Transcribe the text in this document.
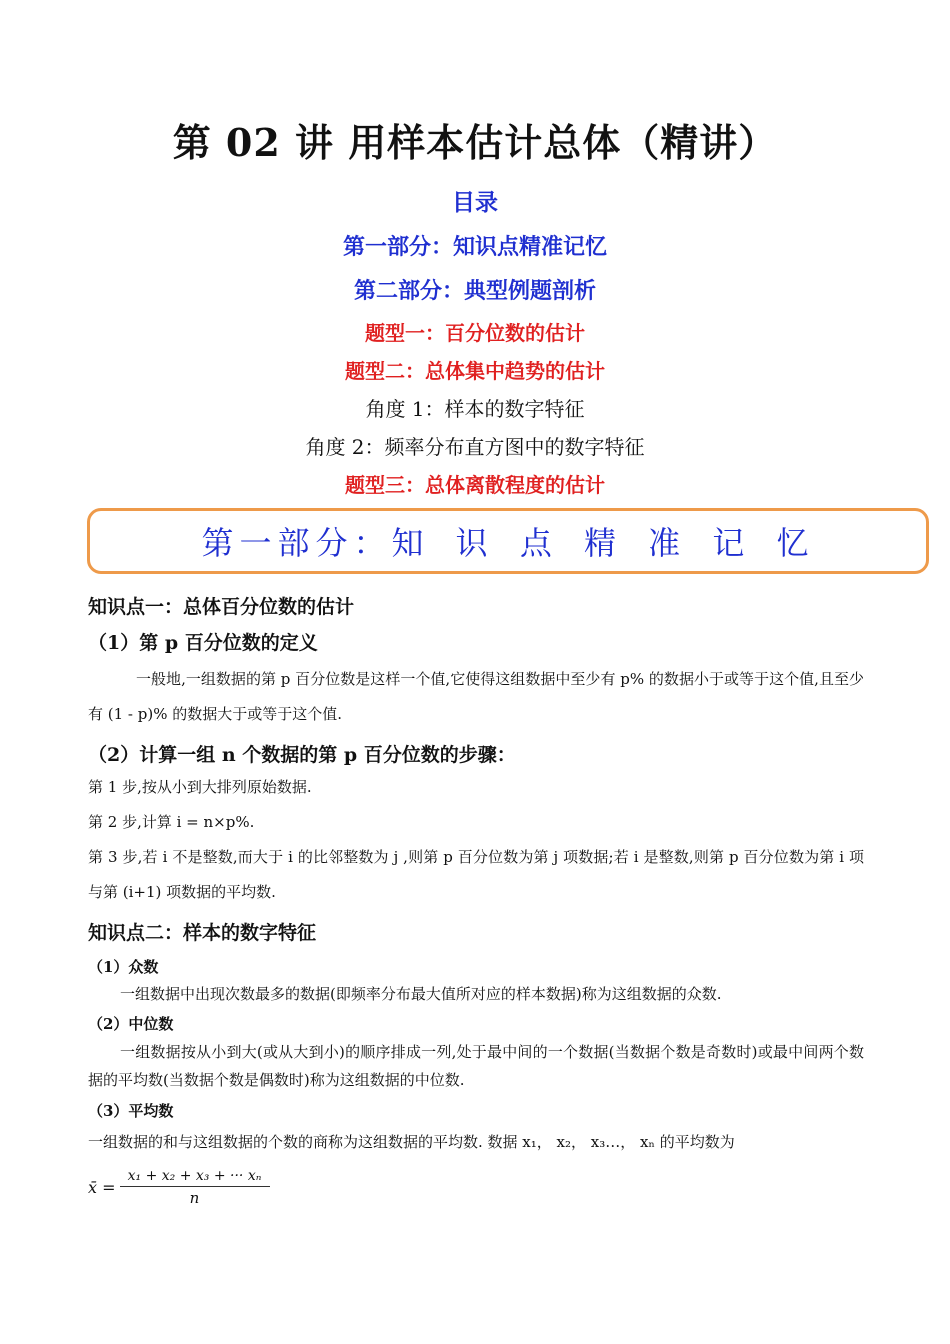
第 02 讲 用样本估计总体（精讲）
目录
第一部分：知识点精准记忆
第二部分：典型例题剖析
题型一：百分位数的估计
题型二：总体集中趋势的估计
角度 1：样本的数字特征
角度 2：频率分布直方图中的数字特征
题型三：总体离散程度的估计
第一部分：知 识 点 精 准 记 忆
知识点一：总体百分位数的估计
（1）第 p 百分位数的定义
一般地,一组数据的第 p 百分位数是这样一个值,它使得这组数据中至少有 p% 的数据小于或等于这个值,且至少有 (1 - p)% 的数据大于或等于这个值.
（2）计算一组 n 个数据的第 p 百分位数的步骤：
第 1 步,按从小到大排列原始数据.
第 2 步,计算 i = n×p%.
第 3 步,若 i 不是整数,而大于 i 的比邻整数为 j ,则第 p 百分位数为第 j 项数据;若 i 是整数,则第 p 百分位数为第 i 项与第 (i+1) 项数据的平均数.
知识点二：样本的数字特征
（1）众数
一组数据中出现次数最多的数据(即频率分布最大值所对应的样本数据)称为这组数据的众数.
（2）中位数
一组数据按从小到大(或从大到小)的顺序排成一列,处于最中间的一个数据(当数据个数是奇数时)或最中间两个数据的平均数(当数据个数是偶数时)称为这组数据的中位数.
（3）平均数
一组数据的和与这组数据的个数的商称为这组数据的平均数. 数据 x₁， x₂， x₃…， xₙ 的平均数为
x̄ =
x₁ + x₂ + x₃ + ··· xₙ
n
